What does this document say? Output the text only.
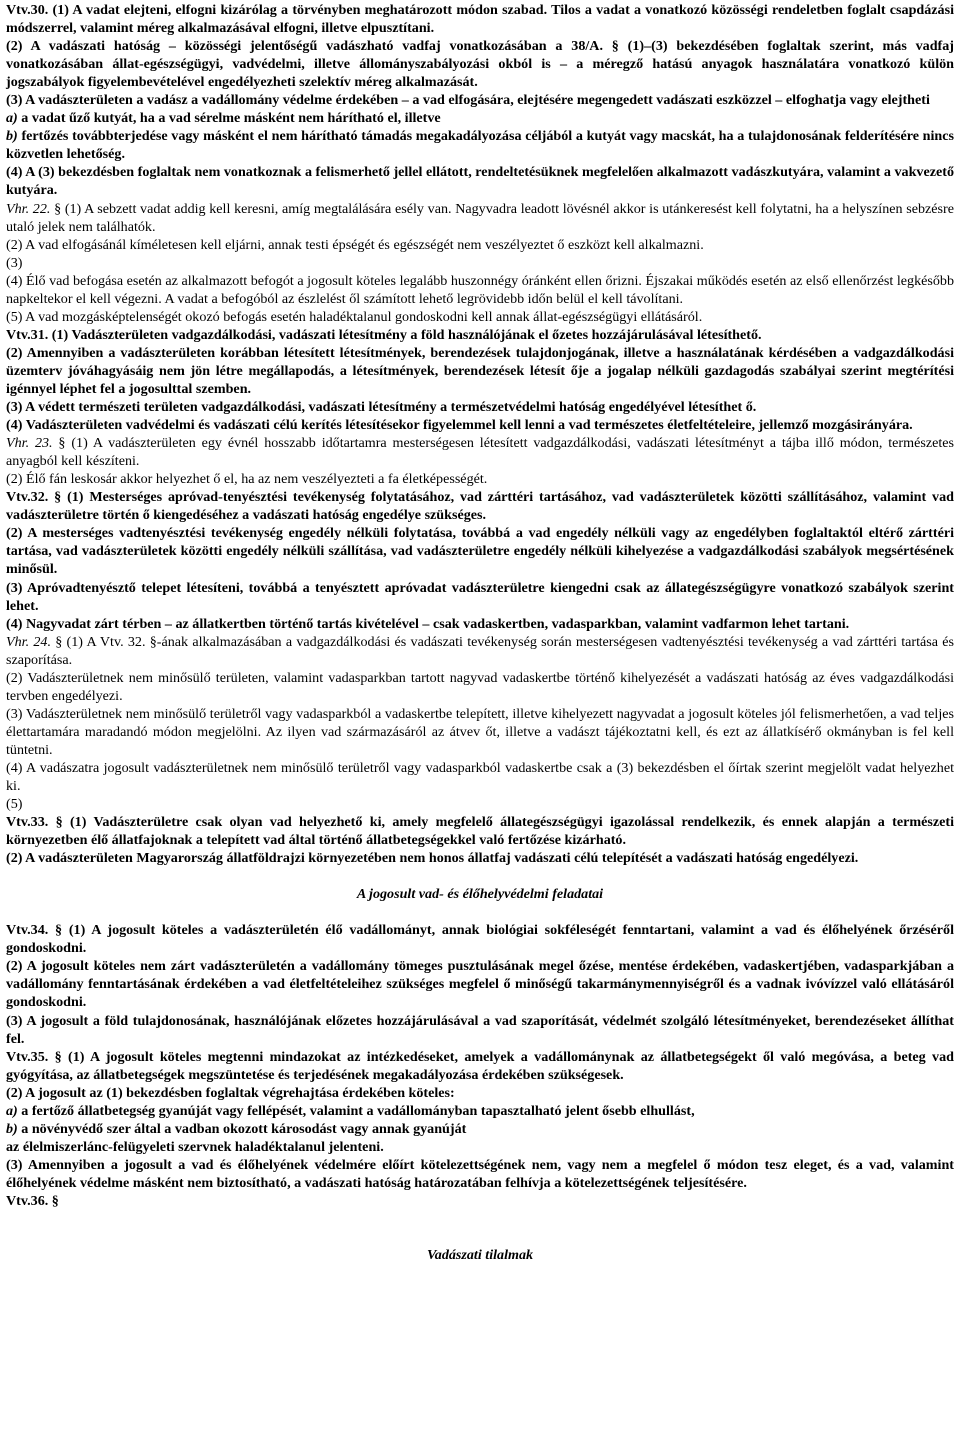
Vtv.30. (1) A vadat elejteni, elfogni kizárólag a törvényben meghatározott módon szabad. Tilos a vadat a vonatkozó közösségi rendeletben foglalt csapdázási módszerrel, valamint méreg alkalmazásával elfogni, illetve elpusztítani.

(2) A vadászati hatóság – közösségi jelentőségű vadászható vadfaj vonatkozásában a 38/A. § (1)–(3) bekezdésében foglaltak szerint, más vadfaj vonatkozásában állat-egészségügyi, vadvédelmi, illetve állományszabályozási okból is – a méregző hatású anyagok használatára vonatkozó külön jogszabályok figyelembevételével engedélyezheti szelektív méreg alkalmazását.

(3) A vadászterületen a vadász a vadállomány védelme érdekében – a vad elfogására, elejtésére megengedett vadászati eszközzel – elfoghatja vagy elejtheti

a) a vadat űző kutyát, ha a vad sérelme másként nem hárítható el, illetve

b) fertőzés továbbterjedése vagy másként el nem hárítható támadás megakadályozása céljából a kutyát vagy macskát, ha a tulajdonosának felderítésére nincs közvetlen lehetőség.

(4) A (3) bekezdésben foglaltak nem vonatkoznak a felismerhető jellel ellátott, rendeltetésüknek megfelelően alkalmazott vadászkutyára, valamint a vakvezető kutyára.

Vhr. 22. § (1) A sebzett vadat addig kell keresni, amíg megtalálására esély van. Nagyvadra leadott lövésnél akkor is utánkeresést kell folytatni, ha a helyszínen sebzésre utaló jelek nem találhatók.

(2) A vad elfogásánál kíméletesen kell eljárni, annak testi épségét és egészségét nem veszélyeztet ő eszközt kell alkalmazni.

(3)

(4) Élő vad befogása esetén az alkalmazott befogót a jogosult köteles legalább huszonnégy óránként ellen őrizni. Éjszakai működés esetén az első ellenőrzést legkésőbb napkeltekor el kell végezni. A vadat a befogóból az észlelést ől számított lehető legrövidebb időn belül el kell távolítani.

(5) A vad mozgásképtelenségét okozó befogás esetén haladéktalanul gondoskodni kell annak állat-egészségügyi ellátásáról.

Vtv.31. (1) Vadászterületen vadgazdálkodási, vadászati létesítmény a föld használójának el őzetes hozzájárulásával létesíthető.

(2) Amennyiben a vadászterületen korábban létesített létesítmények, berendezések tulajdonjogának, illetve a használatának kérdésében a vadgazdálkodási üzemterv jóváhagyásáig nem jön létre megállapodás, a létesítmények, berendezések létesít ője a jogalap nélküli gazdagodás szabályai szerint megtérítési igénnyel léphet fel a jogosulttal szemben.

(3) A védett természeti területen vadgazdálkodási, vadászati létesítmény a természetvédelmi hatóság engedélyével létesíthet ő.

(4) Vadászterületen vadvédelmi és vadászati célú kerítés létesítésekor figyelemmel kell lenni a vad természetes életfeltételeire, jellemző mozgásirányára.

Vhr. 23. § (1) A vadászterületen egy évnél hosszabb időtartamra mesterségesen létesített vadgazdálkodási, vadászati létesítményt a tájba illő módon, természetes anyagból kell készíteni.

(2) Élő fán leskosár akkor helyezhet ő el, ha az nem veszélyezteti a fa életképességét.

Vtv.32. § (1) Mesterséges apróvad-tenyésztési tevékenység folytatásához, vad zárttéri tartásához, vad vadászterületek közötti szállításához, valamint vad vadászterületre történ ő kiengedéséhez a vadászati hatóság engedélye szükséges.

(2) A mesterséges vadtenyésztési tevékenység engedély nélküli folytatása, továbbá a vad engedély nélküli vagy az engedélyben foglaltaktól eltérő zárttéri tartása, vad vadászterületek közötti engedély nélküli szállítása, vad vadászterületre engedély nélküli kihelyezése a vadgazdálkodási szabályok megsértésének minősül.

(3) Apróvadtenyésztő telepet létesíteni, továbbá a tenyésztett apróvadat vadászterületre kiengedni csak az állategészségügyre vonatkozó szabályok szerint lehet.

(4) Nagyvadat zárt térben – az állatkertben történő tartás kivételével – csak vadaskertben, vadasparkban, valamint vadfarmon lehet tartani.

Vhr. 24. § (1) A Vtv. 32. §-ának alkalmazásában a vadgazdálkodási és vadászati tevékenység során mesterségesen vadtenyésztési tevékenység a vad zárttéri tartása és szaporítása.

(2) Vadászterületnek nem minősülő területen, valamint vadasparkban tartott nagyvad vadaskertbe történő kihelyezését a vadászati hatóság az éves vadgazdálkodási tervben engedélyezi.

(3) Vadászterületnek nem minősülő területről vagy vadasparkból a vadaskertbe telepített, illetve kihelyezett nagyvadat a jogosult köteles jól felismerhetően, a vad teljes élettartamára maradandó módon megjelölni. Az ilyen vad származásáról az átvev őt, illetve a vadászt tájékoztatni kell, és ezt az állatkísérő okmányban is fel kell tüntetni.

(4) A vadászatra jogosult vadászterületnek nem minősülő területről vagy vadasparkból vadaskertbe csak a (3) bekezdésben el őírtak szerint megjelölt vadat helyezhet ki.

(5)

Vtv.33. § (1) Vadászterületre csak olyan vad helyezhető ki, amely megfelelő állategészségügyi igazolással rendelkezik, és ennek alapján a természeti környezetben élő állatfajoknak a telepített vad által történő állatbetegségekkel való fertőzése kizárható.

(2) A vadászterületen Magyarország állatföldrajzi környezetében nem honos állatfaj vadászati célú telepítését a vadászati hatóság engedélyezi.

A jogosult vad- és élőhelyvédelmi feladatai

Vtv.34. § (1) A jogosult köteles a vadászterületén élő vadállományt, annak biológiai sokféleségét fenntartani, valamint a vad és élőhelyének őrzéséről gondoskodni.

(2) A jogosult köteles nem zárt vadászterületén a vadállomány tömeges pusztulásának megel őzése, mentése érdekében, vadaskertjében, vadasparkjában a vadállomány fenntartásának érdekében a vad életfeltételeihez szükséges megfelel ő minőségű takarmánymennyiségről és a vadnak ivóvízzel való ellátásáról gondoskodni.

(3) A jogosult a föld tulajdonosának, használójának előzetes hozzájárulásával a vad szaporítását, védelmét szolgáló létesítményeket, berendezéseket állíthat fel.

Vtv.35. § (1) A jogosult köteles megtenni mindazokat az intézkedéseket, amelyek a vadállománynak az állatbetegségekt ől való megóvása, a beteg vad gyógyítása, az állatbetegségek megszüntetése és terjedésének megakadályozása érdekében szükségesek.

(2) A jogosult az (1) bekezdésben foglaltak végrehajtása érdekében köteles:

a) a fertőző állatbetegség gyanúját vagy fellépését, valamint a vadállományban tapasztalható jelent ősebb elhullást,

b) a növényvédő szer által a vadban okozott károsodást vagy annak gyanúját

az élelmiszerlánc-felügyeleti szervnek haladéktalanul jelenteni.

(3) Amennyiben a jogosult a vad és élőhelyének védelmére előírt kötelezettségének nem, vagy nem a megfelel ő módon tesz eleget, és a vad, valamint élőhelyének védelme másként nem biztosítható, a vadászati hatóság határozatában felhívja a kötelezettségének teljesítésére.

Vtv.36. §

Vadászati tilalmak
